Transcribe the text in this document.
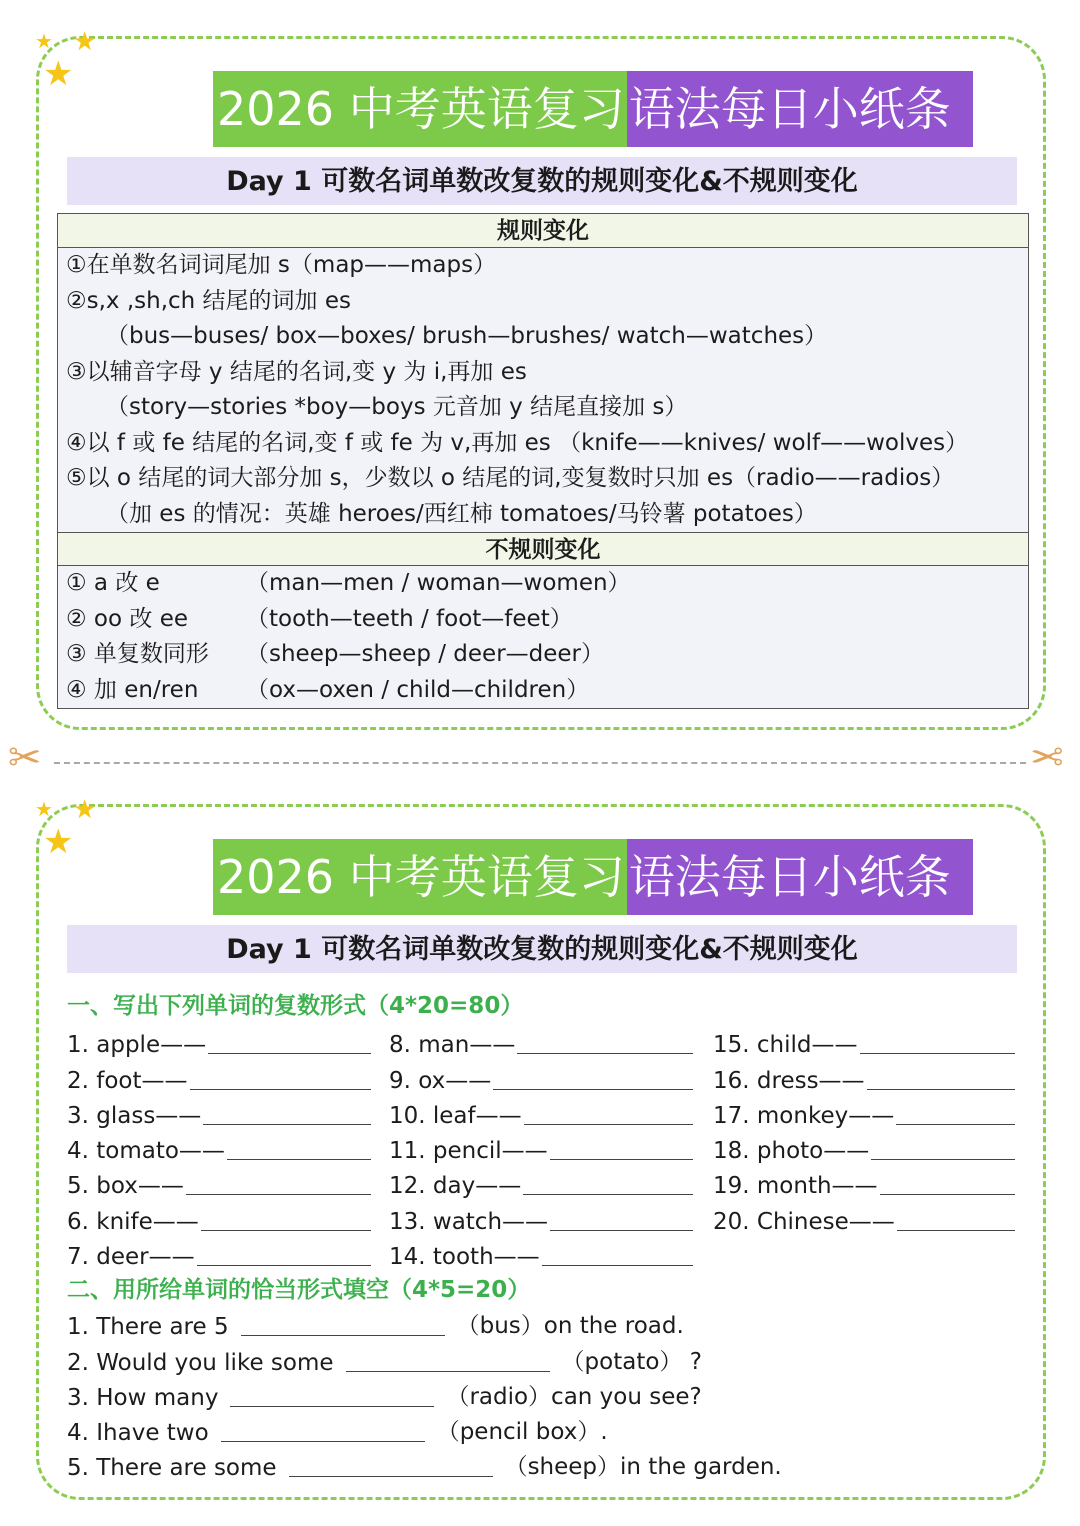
★ ★
★
2026 中考英语复习 语法每日小纸条
Day 1 可数名词单数改复数的规则变化&不规则变化
规则变化
①在单数名词词尾加 s（map——maps）
②s,x ,sh,ch 结尾的词加 es
（bus—buses/ box—boxes/ brush—brushes/ watch—watches）
③以辅音字母 y 结尾的名词,变 y 为 i,再加 es
（story—stories *boy—boys 元音加 y 结尾直接加 s）
④以 f 或 fe 结尾的名词,变 f 或 fe 为 v,再加 es （knife——knives/ wolf——wolves）
⑤以 o 结尾的词大部分加 s，少数以 o 结尾的词,变复数时只加 es（radio——radios）
（加 es 的情况：英雄 heroes/西红柿 tomatoes/马铃薯 potatoes）
不规则变化
① a 改 e	（man—men / woman—women）
② oo 改 ee	（tooth—teeth / foot—feet）
③ 单复数同形	（sheep—sheep / deer—deer）
④ 加 en/ren	（ox—oxen / child—children）
✂	✂
★ ★
★
2026 中考英语复习 语法每日小纸条
Day 1 可数名词单数改复数的规则变化&不规则变化
一、写出下列单词的复数形式（4*20=80）
1. apple——
2. foot——
3. glass——
4. tomato——
5. box——
6. knife——
7. deer——
8. man——
9. ox——
10. leaf——
11. pencil——
12. day——
13. watch——
14. tooth——
15. child——
16. dress——
17. monkey——
18. photo——
19. month——
20. Chinese——
二、用所给单词的恰当形式填空（4*5=20）
1. There are 5	（bus）on the road.
2. Would you like some	（potato） ?
3. How many	（radio）can you see?
4. Ihave two	（pencil box）.
5. There are some	（sheep）in the garden.
